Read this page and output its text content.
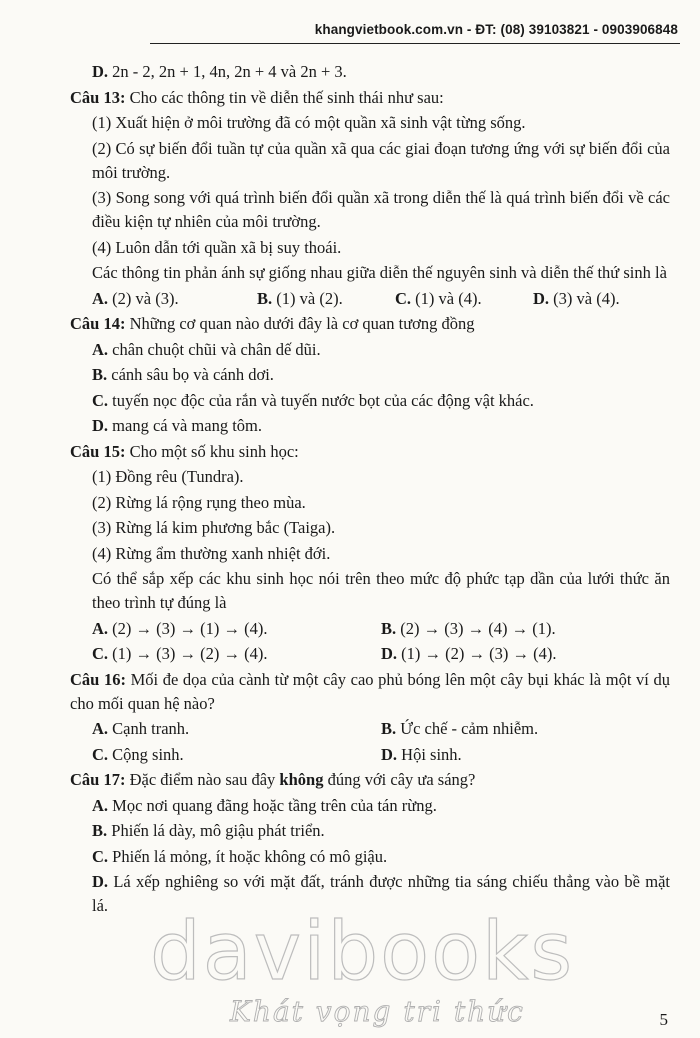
khangvietbook.com.vn - ĐT: (08) 39103821 - 0903906848

D. 2n - 2, 2n + 1, 4n, 2n + 4 và 2n + 3.

Câu 13: Cho các thông tin về diễn thế sinh thái như sau:

(1) Xuất hiện ở môi trường đã có một quần xã sinh vật từng sống.

(2) Có sự biến đổi tuần tự của quần xã qua các giai đoạn tương ứng với sự biến đổi của môi trường.

(3) Song song với quá trình biến đổi quần xã trong diễn thế là quá trình biến đổi về các điều kiện tự nhiên của môi trường.

(4) Luôn dẫn tới quần xã bị suy thoái.

Các thông tin phản ánh sự giống nhau giữa diễn thế nguyên sinh và diễn thế thứ sinh là

A. (2) và (3).	B. (1) và (2).	C. (1) và (4).	D. (3) và (4).

Câu 14: Những cơ quan nào dưới đây là cơ quan tương đồng

A. chân chuột chũi và chân dế dũi.

B. cánh sâu bọ và cánh dơi.

C. tuyến nọc độc của rắn và tuyến nước bọt của các động vật khác.

D. mang cá và mang tôm.

Câu 15: Cho một số khu sinh học:

(1) Đồng rêu (Tundra).

(2) Rừng lá rộng rụng theo mùa.

(3) Rừng lá kim phương bắc (Taiga).

(4) Rừng ẩm thường xanh nhiệt đới.

Có thể sắp xếp các khu sinh học nói trên theo mức độ phức tạp dần của lưới thức ăn theo trình tự đúng là

A. (2) → (3) → (1) → (4).	B. (2) → (3) → (4) → (1).
C. (1) → (3) → (2) → (4).	D. (1) → (2) → (3) → (4).

Câu 16: Mối đe dọa của cành từ một cây cao phủ bóng lên một cây bụi khác là một ví dụ cho mối quan hệ nào?

A. Cạnh tranh.	B. Ức chế - cảm nhiễm.
C. Cộng sinh.	D. Hội sinh.

Câu 17: Đặc điểm nào sau đây không đúng với cây ưa sáng?

A. Mọc nơi quang đãng hoặc tầng trên của tán rừng.

B. Phiến lá dày, mô giậu phát triển.

C. Phiến lá mỏng, ít hoặc không có mô giậu.

D. Lá xếp nghiêng so với mặt đất, tránh được những tia sáng chiếu thẳng vào bề mặt lá. davibooks
Khát vọng tri thức	5
